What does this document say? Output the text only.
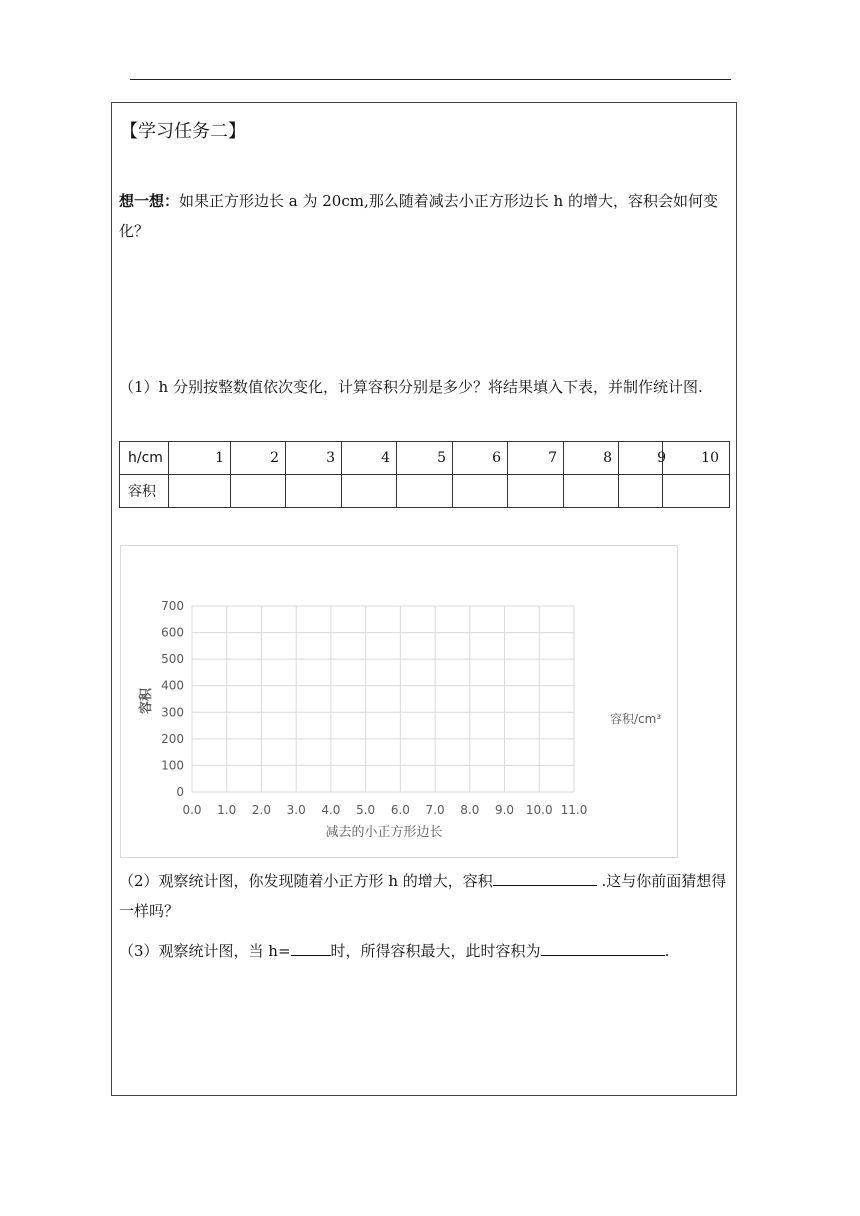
【学习任务二】
想一想：如果正方形边长 a 为 20cm,那么随着减去小正方形边长 h 的增大，容积会如何变化？
（1）h 分别按整数值依次变化，计算容积分别是多少？将结果填入下表，并制作统计图.
h/cm	1	2	3	4	5	6	7	8	9	10
容积										
0
100
200
300
400
500
600
700
0.0 1.0 2.0 3.0 4.0 5.0 6.0 7.0 8.0 9.0 10.0 11.0
容积
减去的小正方形边长
容积/cm³
（2）观察统计图，你发现随着小正方形 h 的增大，容积	.这与你前面猜想得一样吗？
（3）观察统计图，当 h=	时，所得容积最大，此时容积为	.
